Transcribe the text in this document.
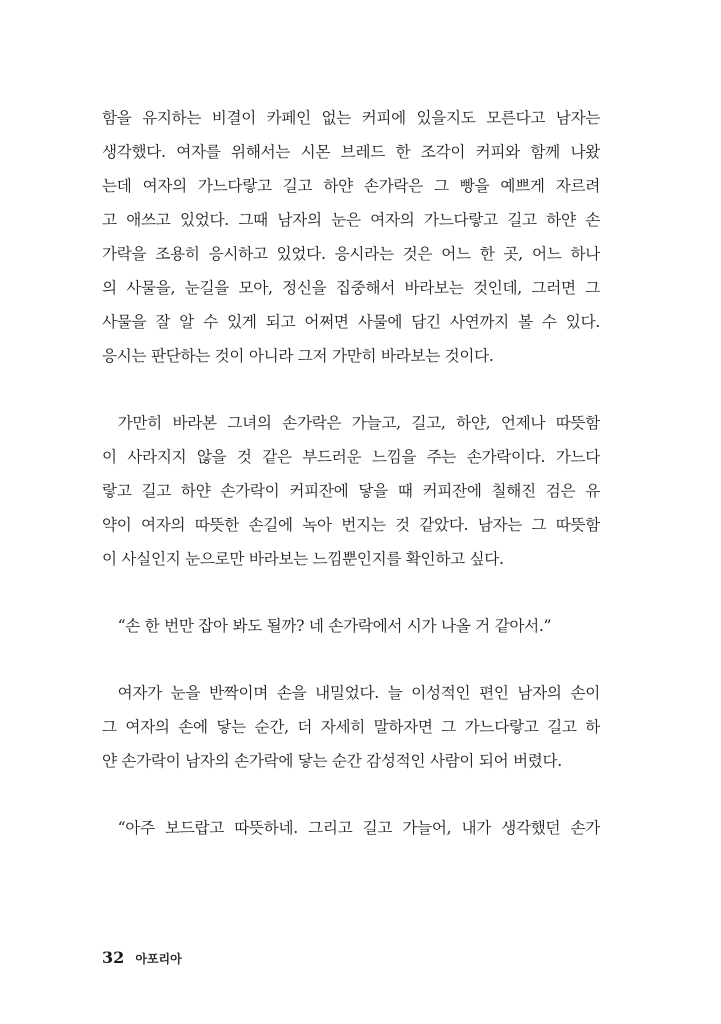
함을 유지하는 비결이 카페인 없는 커피에 있을지도 모른다고 남자는
생각했다. 여자를 위해서는 시몬 브레드 한 조각이 커피와 함께 나왔
는데 여자의 가느다랗고 길고 하얀 손가락은 그 빵을 예쁘게 자르려
고 애쓰고 있었다. 그때 남자의 눈은 여자의 가느다랗고 길고 하얀 손
가락을 조용히 응시하고 있었다. 응시라는 것은 어느 한 곳, 어느 하나
의 사물을, 눈길을 모아, 정신을 집중해서 바라보는 것인데, 그러면 그
사물을 잘 알 수 있게 되고 어쩌면 사물에 담긴 사연까지 볼 수 있다.
응시는 판단하는 것이 아니라 그저 가만히 바라보는 것이다.

가만히 바라본 그녀의 손가락은 가늘고, 길고, 하얀, 언제나 따뜻함
이 사라지지 않을 것 같은 부드러운 느낌을 주는 손가락이다. 가느다
랗고 길고 하얀 손가락이 커피잔에 닿을 때 커피잔에 칠해진 검은 유
약이 여자의 따뜻한 손길에 녹아 번지는 것 같았다. 남자는 그 따뜻함
이 사실인지 눈으로만 바라보는 느낌뿐인지를 확인하고 싶다.

“손 한 번만 잡아 봐도 될까? 네 손가락에서 시가 나올 거 같아서.”

여자가 눈을 반짝이며 손을 내밀었다. 늘 이성적인 편인 남자의 손이
그 여자의 손에 닿는 순간, 더 자세히 말하자면 그 가느다랗고 길고 하
얀 손가락이 남자의 손가락에 닿는 순간 감성적인 사람이 되어 버렸다.

“아주 보드랍고 따뜻하네. 그리고 길고 가늘어, 내가 생각했던 손가

32 아포리아
